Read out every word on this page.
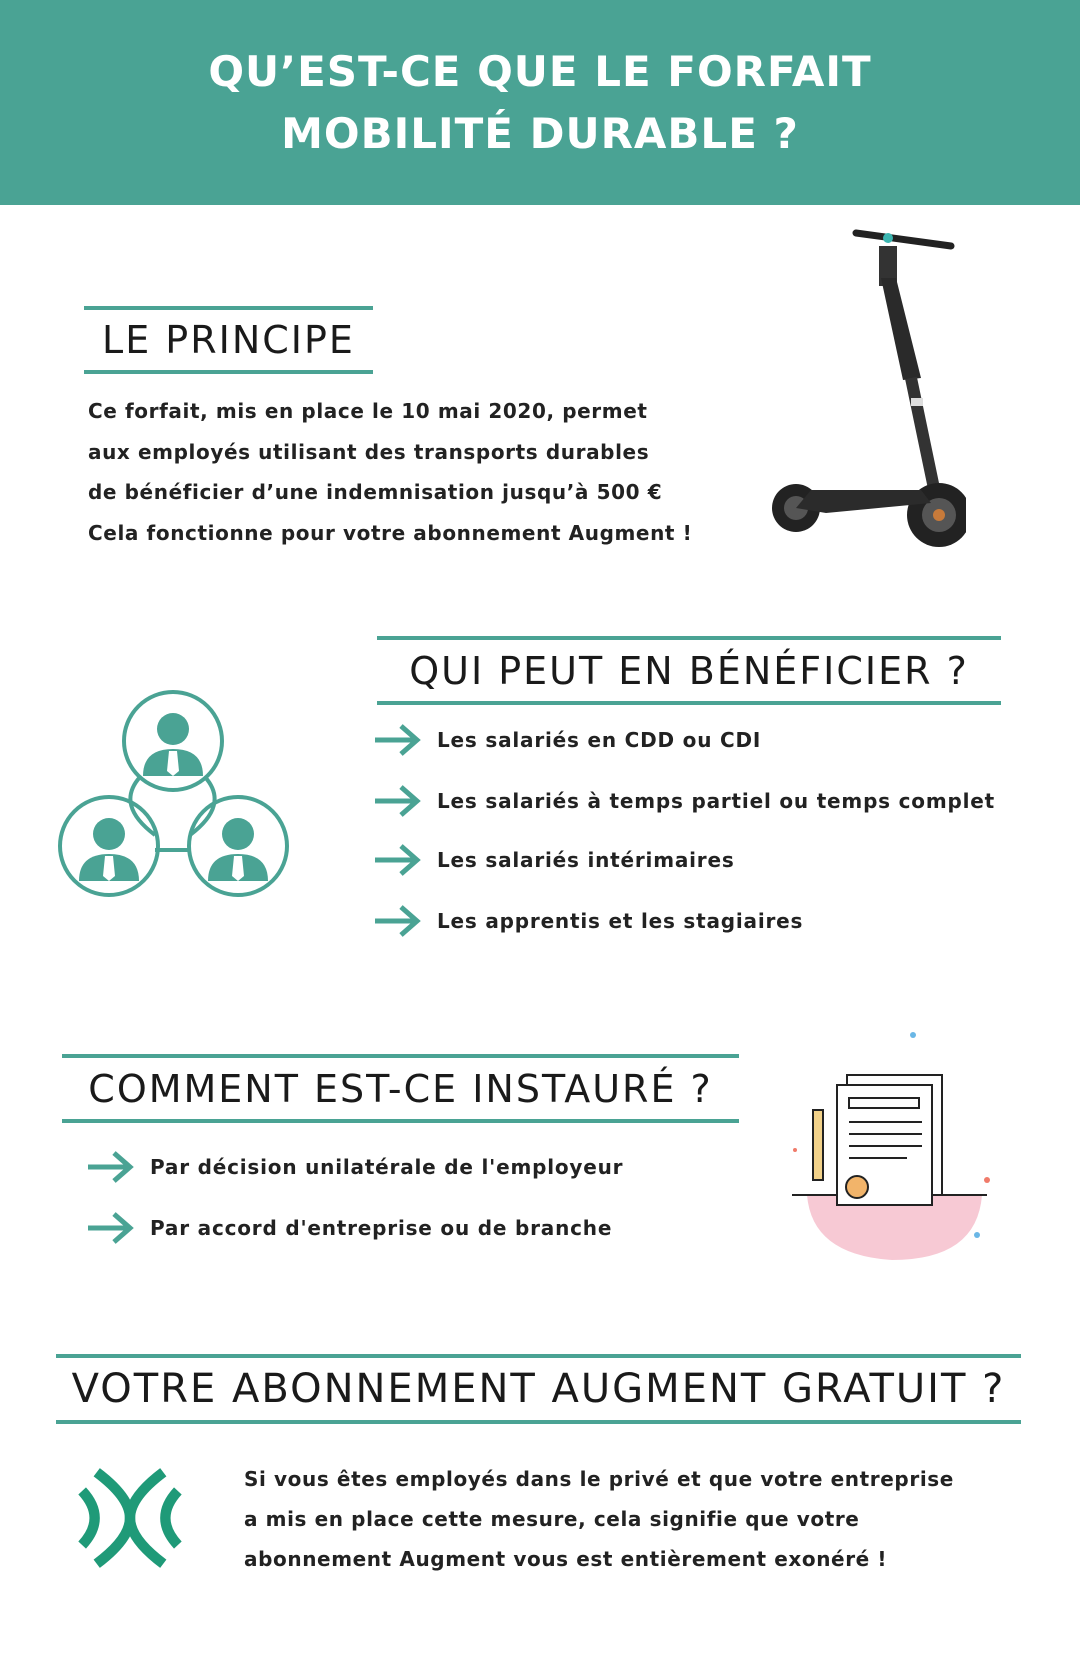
QU’EST-CE QUE LE FORFAIT
MOBILITÉ DURABLE ?
LE PRINCIPE
Ce forfait, mis en place le 10 mai 2020, permet
aux employés utilisant des transports durables
de bénéficier d’une indemnisation jusqu’à 500 €
Cela fonctionne pour votre abonnement Augment !
QUI PEUT EN BÉNÉFICIER ?
Les salariés en CDD ou CDI
Les salariés à temps partiel ou temps complet
Les salariés intérimaires
Les apprentis et les stagiaires
COMMENT EST-CE INSTAURÉ ?
Par décision unilatérale de l'employeur
Par accord d'entreprise ou de branche
VOTRE ABONNEMENT AUGMENT GRATUIT ?
Si vous êtes employés dans le privé et que votre entreprise
a mis en place cette mesure, cela signifie que votre
abonnement Augment vous est entièrement exonéré !
